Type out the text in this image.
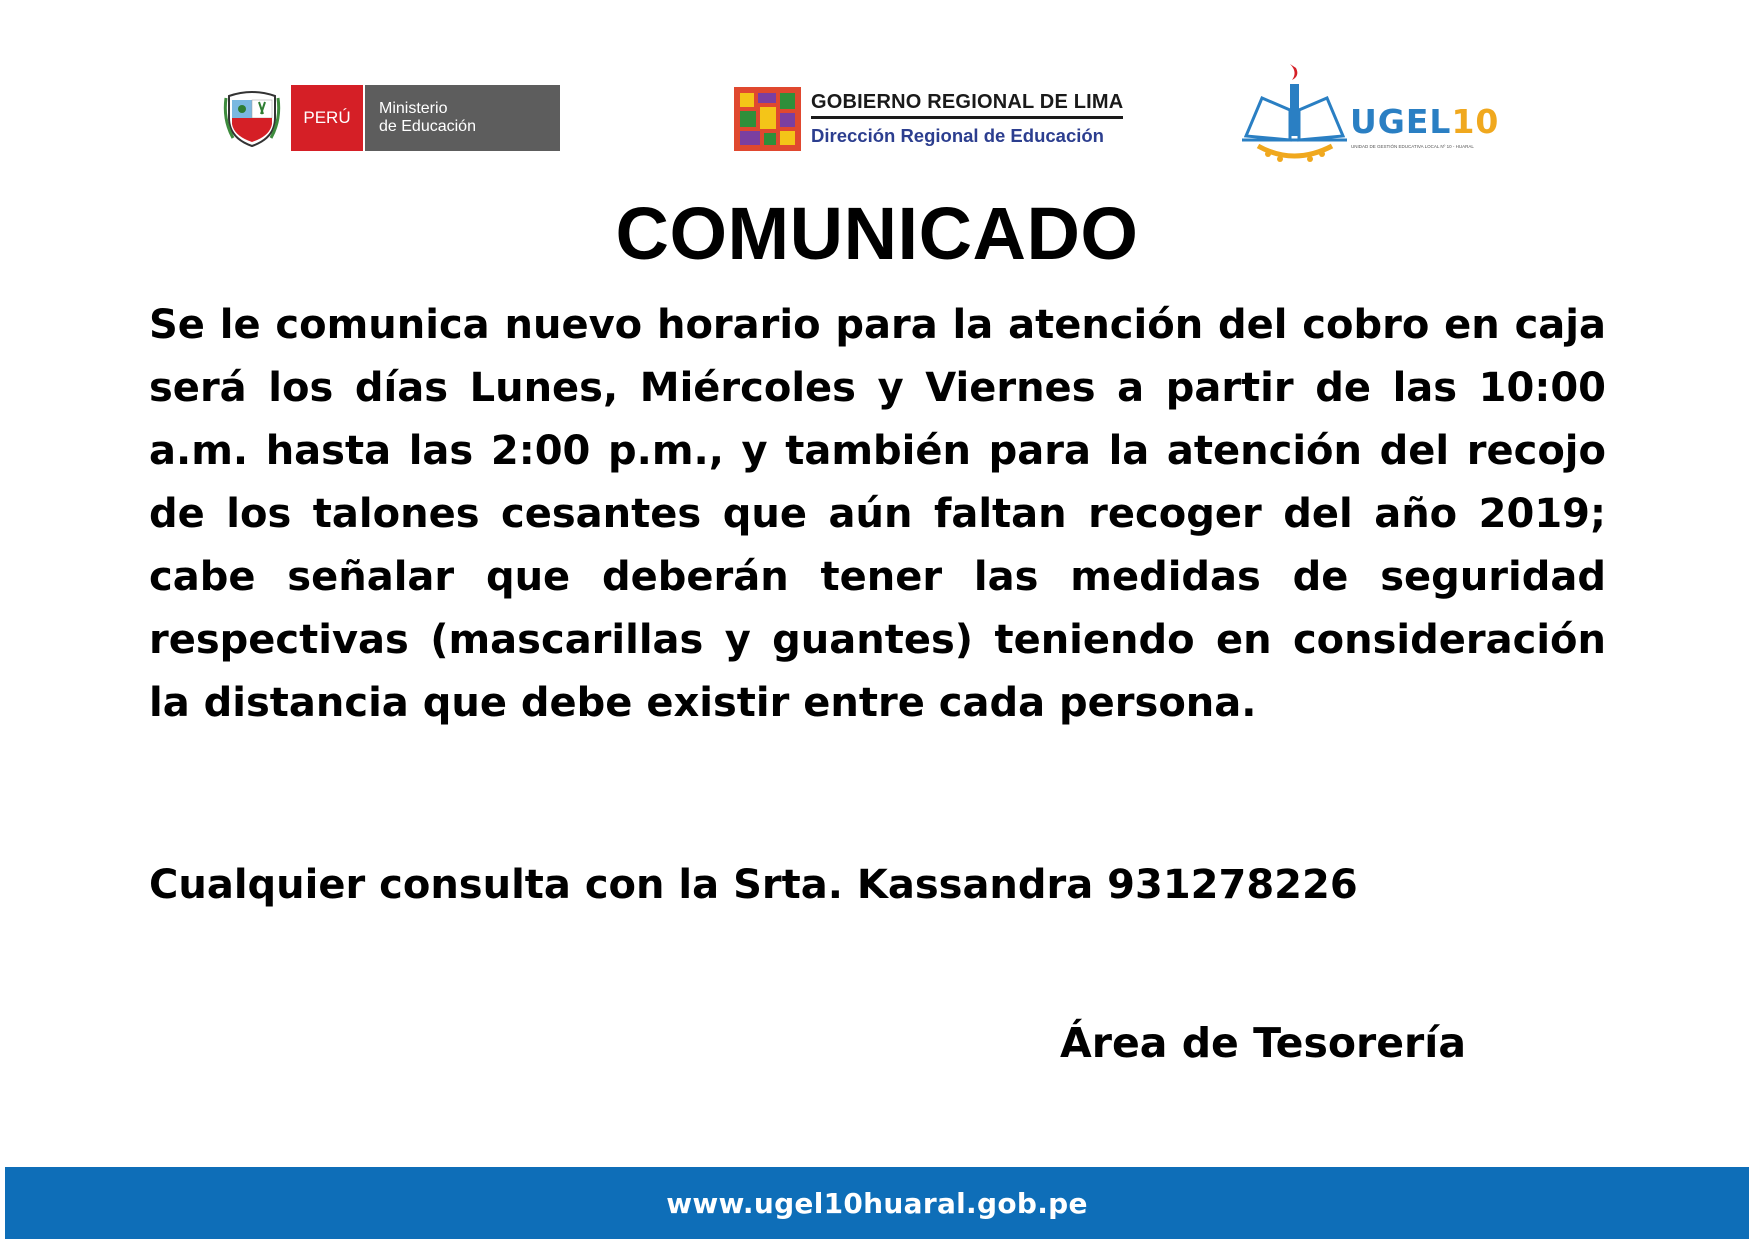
PERÚ	Ministerio
de Educación
GOBIERNO REGIONAL DE LIMA
Dirección Regional de Educación	UGEL10
UNIDAD DE GESTIÓN EDUCATIVA LOCAL Nº 10 - HUARAL
COMUNICADO
Se le comunica nuevo horario para la atención del cobro en caja será los días Lunes, Miércoles y Viernes a partir de las 10:00 a.m. hasta las 2:00 p.m., y también para la atención del recojo de los talones cesantes que aún faltan recoger del año 2019; cabe señalar que deberán tener las medidas de seguridad respectivas (mascarillas y guantes) teniendo en consideración la distancia que debe existir entre cada persona.
Cualquier consulta con la Srta. Kassandra 931278226
Área de Tesorería
www.ugel10huaral.gob.pe
